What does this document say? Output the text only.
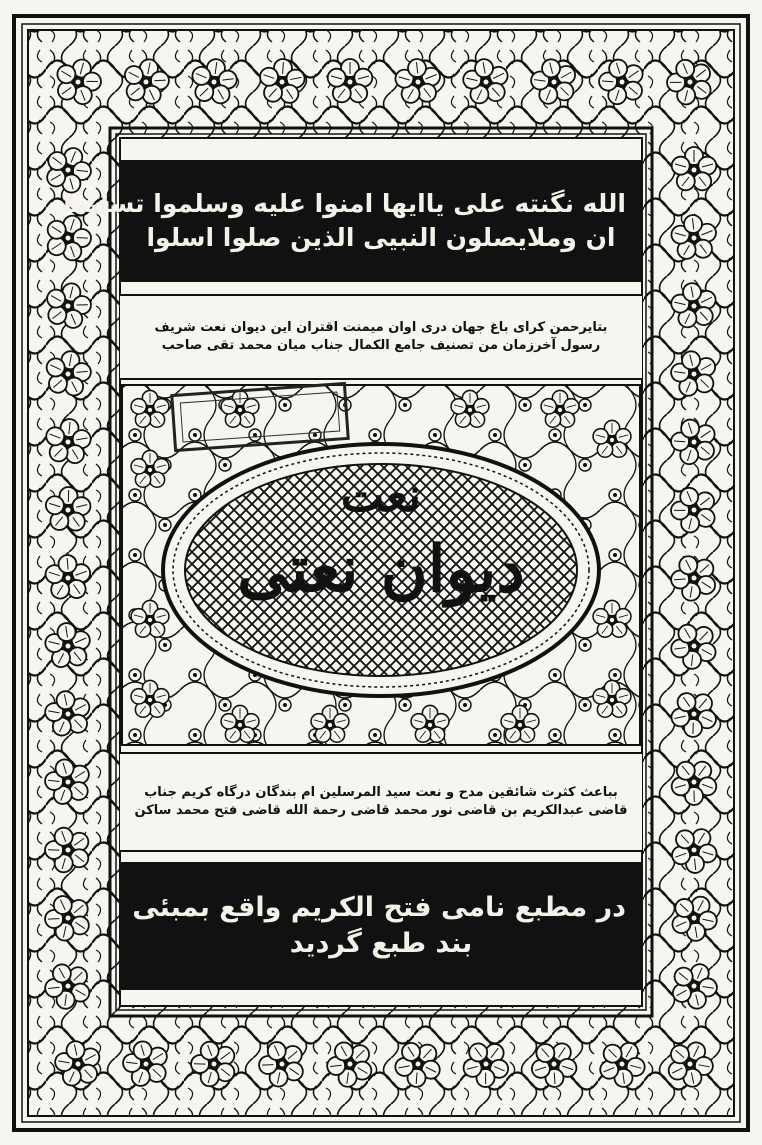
الله نگنته علی یاایها امنوا علیه وسلموا تسلیما
ان وملایصلون النبیی الذین صلوا اسلوا
بتایرحمن کرای باغ جهان دری اوان میمنت اقتران این دیوان نعت شریف
رسول آخرزمان من تصنیف جامع الکمال جناب میان محمد تقی صاحب
دیوان نعتی
نعت
بباعث کثرت شائقین مدح و نعت سید المرسلین ام بندگان درگاه کریم جناب
قاضی عبدالکریم بن قاضی نور محمد قاضی رحمة الله قاضی فتح محمد ساکن
در مطبع نامی فتح الکریم واقع بمبئی
بند طبع گردید
